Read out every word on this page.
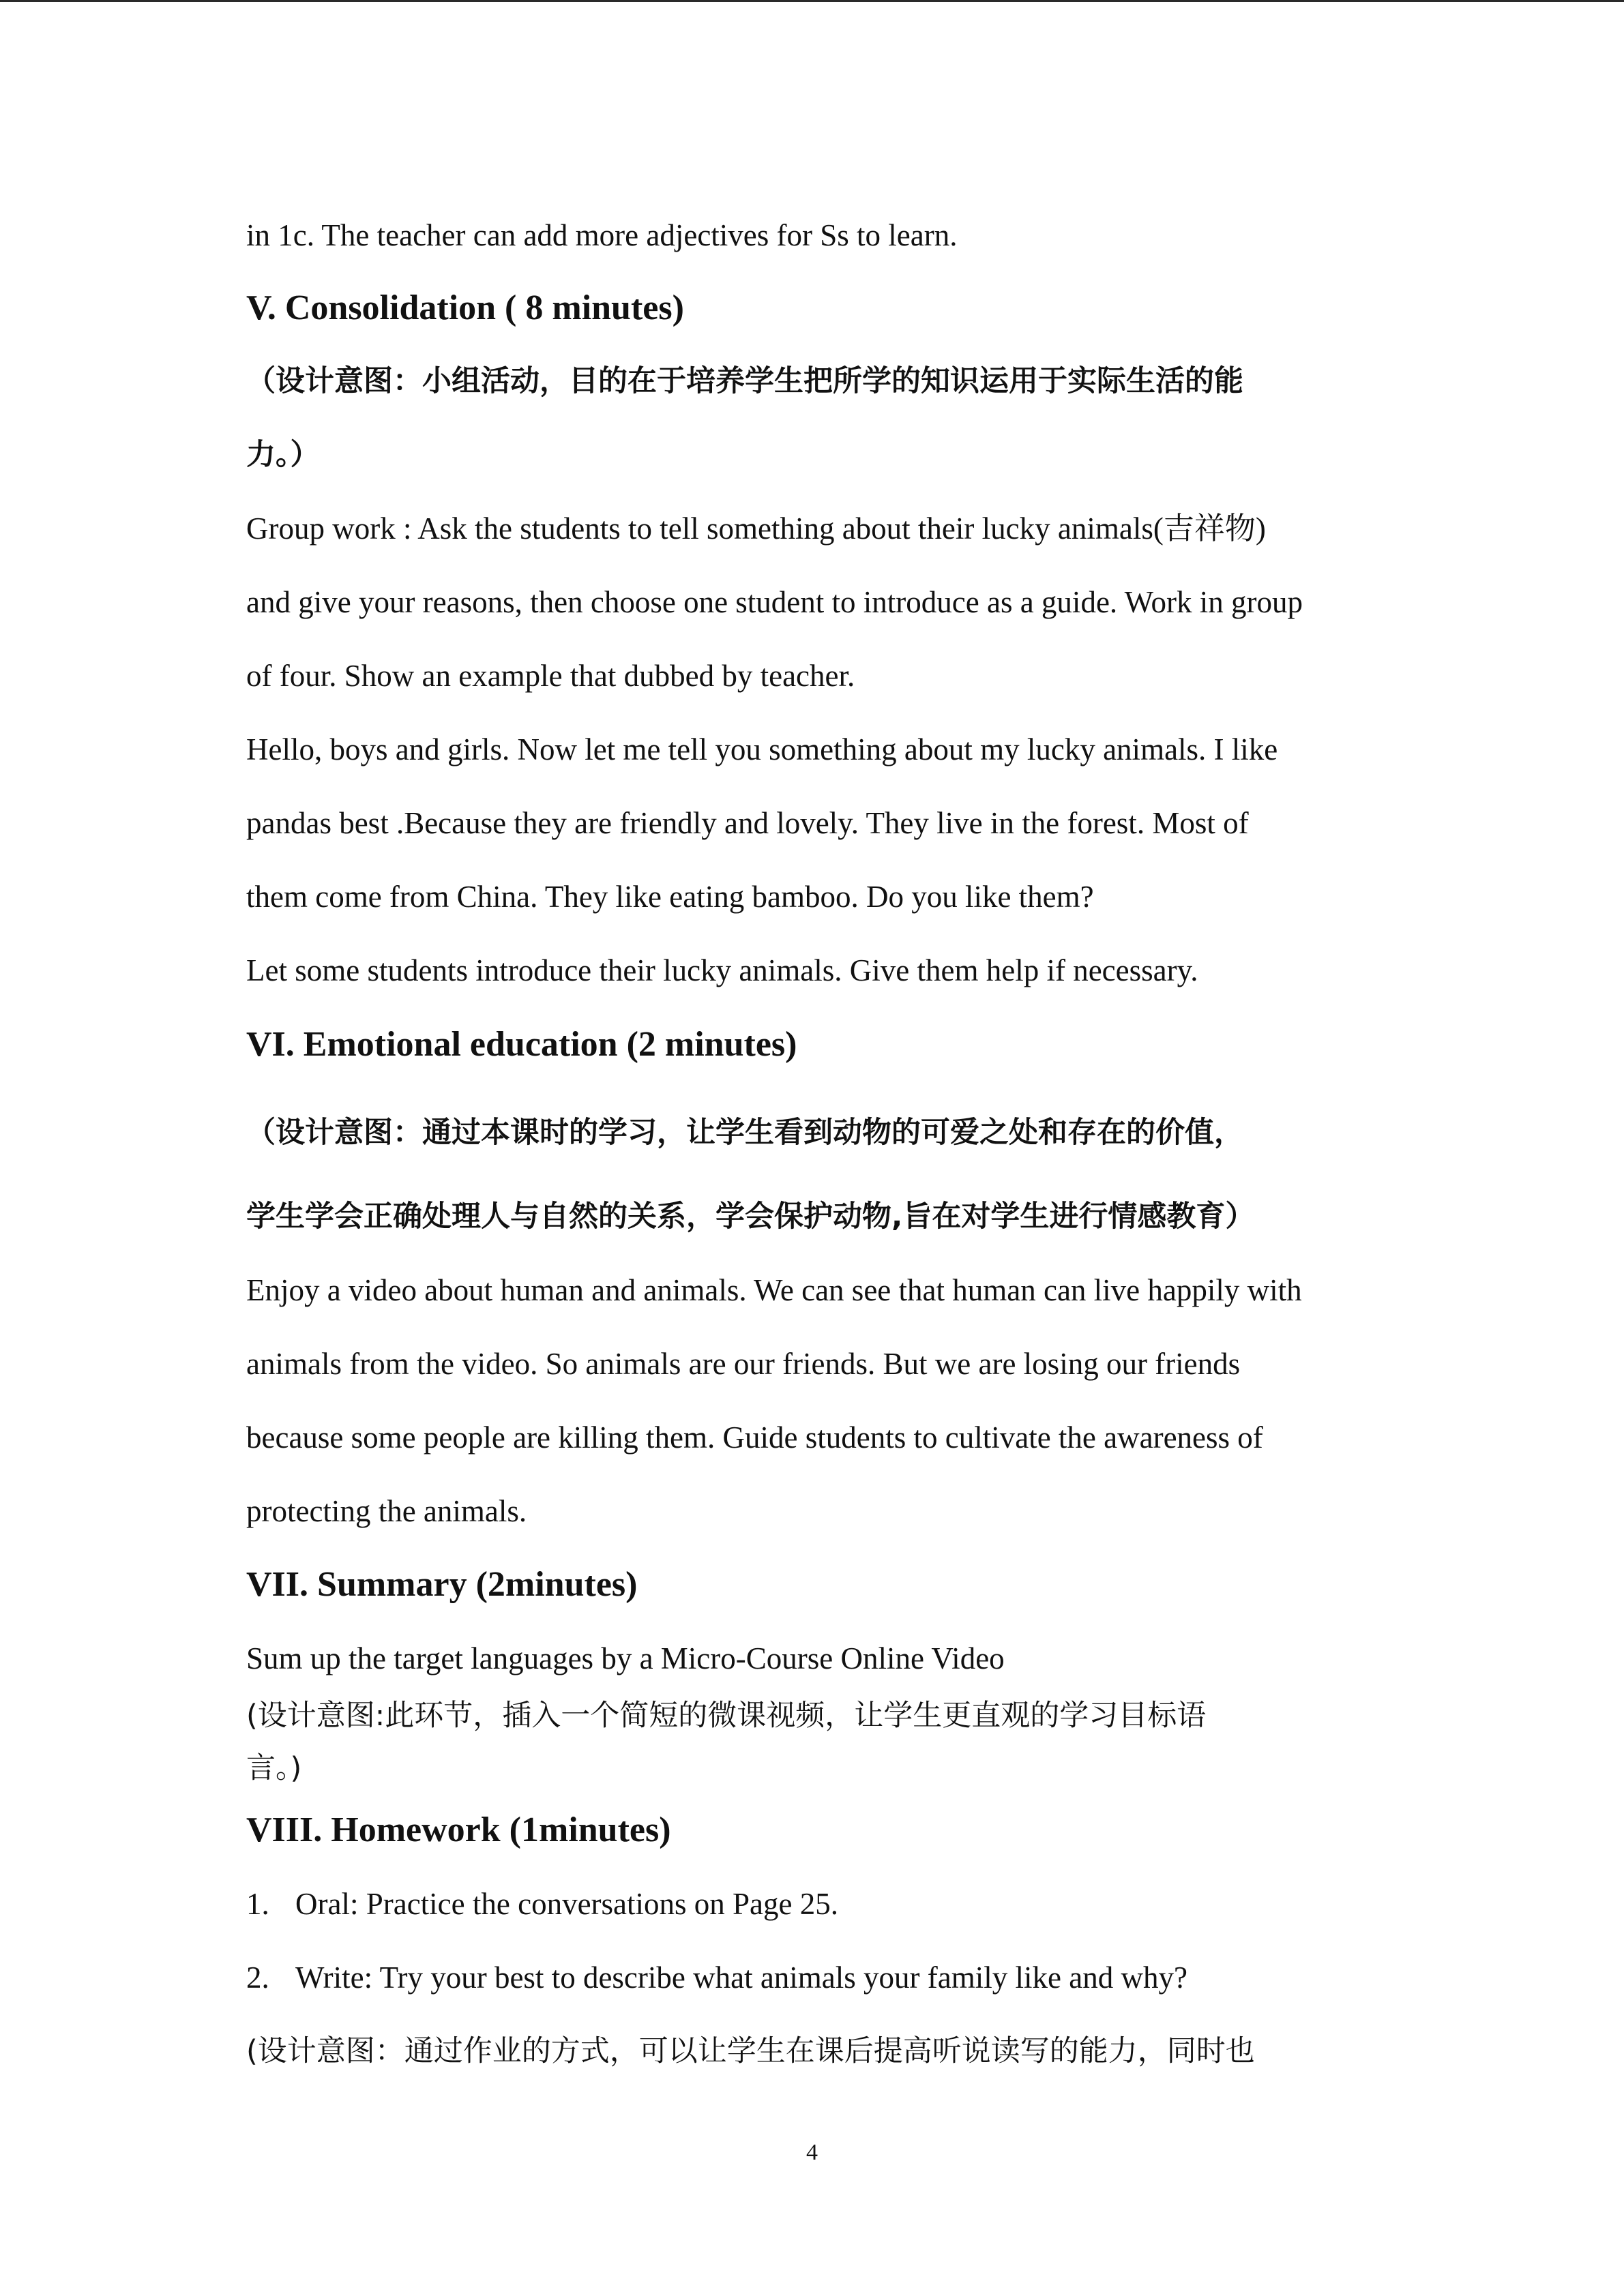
in 1c. The teacher can add more adjectives for Ss to learn.
V. Consolidation ( 8 minutes)
（设计意图：小组活动，目的在于培养学生把所学的知识运用于实际生活的能
力。）
Group work : Ask the students to tell something about their lucky animals(吉祥物)
and give your reasons, then choose one student to introduce as a guide. Work in group
of four. Show an example that dubbed by teacher.
Hello, boys and girls. Now let me tell you something about my lucky animals. I like
pandas best .Because they are friendly and lovely. They live in the forest. Most of
them come from China. They like eating bamboo. Do you like them?
Let some students introduce their lucky animals. Give them help if necessary.
VI. Emotional education (2 minutes)
（设计意图：通过本课时的学习，让学生看到动物的可爱之处和存在的价值，
学生学会正确处理人与自然的关系，学会保护动物,旨在对学生进行情感教育）
Enjoy a video about human and animals. We can see that human can live happily with
animals from the video. So animals are our friends. But we are losing our friends
because some people are killing them. Guide students to cultivate the awareness of
protecting the animals.
VII. Summary (2minutes)
Sum up the target languages by a Micro-Course Online Video
(设计意图:此环节，插入一个简短的微课视频，让学生更直观的学习目标语
言。)
VIII. Homework (1minutes)
1. Oral: Practice the conversations on Page 25.
2. Write: Try your best to describe what animals your family like and why?
(设计意图：通过作业的方式，可以让学生在课后提高听说读写的能力，同时也
4
